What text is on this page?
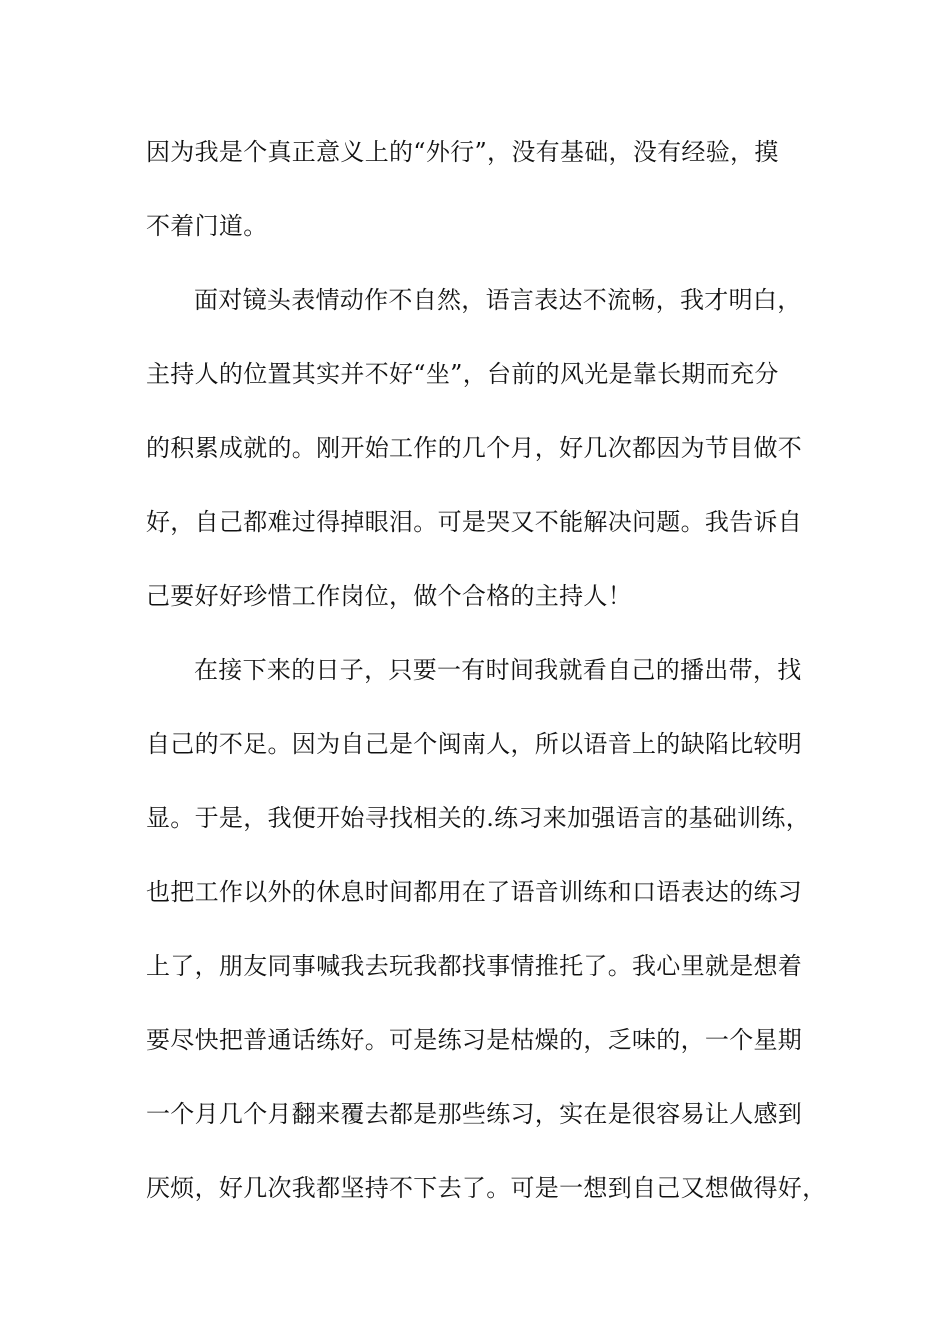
因为我是个真正意义上的“外行”，没有基础，没有经验，摸
不着门道。
面对镜头表情动作不自然，语言表达不流畅，我才明白，
主持人的位置其实并不好“坐”，台前的风光是靠长期而充分
的积累成就的。刚开始工作的几个月，好几次都因为节目做不
好，自己都难过得掉眼泪。可是哭又不能解决问题。我告诉自
己要好好珍惜工作岗位，做个合格的主持人！
在接下来的日子，只要一有时间我就看自己的播出带，找
自己的不足。因为自己是个闽南人，所以语音上的缺陷比较明
显。于是，我便开始寻找相关的.练习来加强语言的基础训练，
也把工作以外的休息时间都用在了语音训练和口语表达的练习
上了，朋友同事喊我去玩我都找事情推托了。我心里就是想着
要尽快把普通话练好。可是练习是枯燥的，乏味的，一个星期
一个月几个月翻来覆去都是那些练习，实在是很容易让人感到
厌烦，好几次我都坚持不下去了。可是一想到自己又想做得好，
